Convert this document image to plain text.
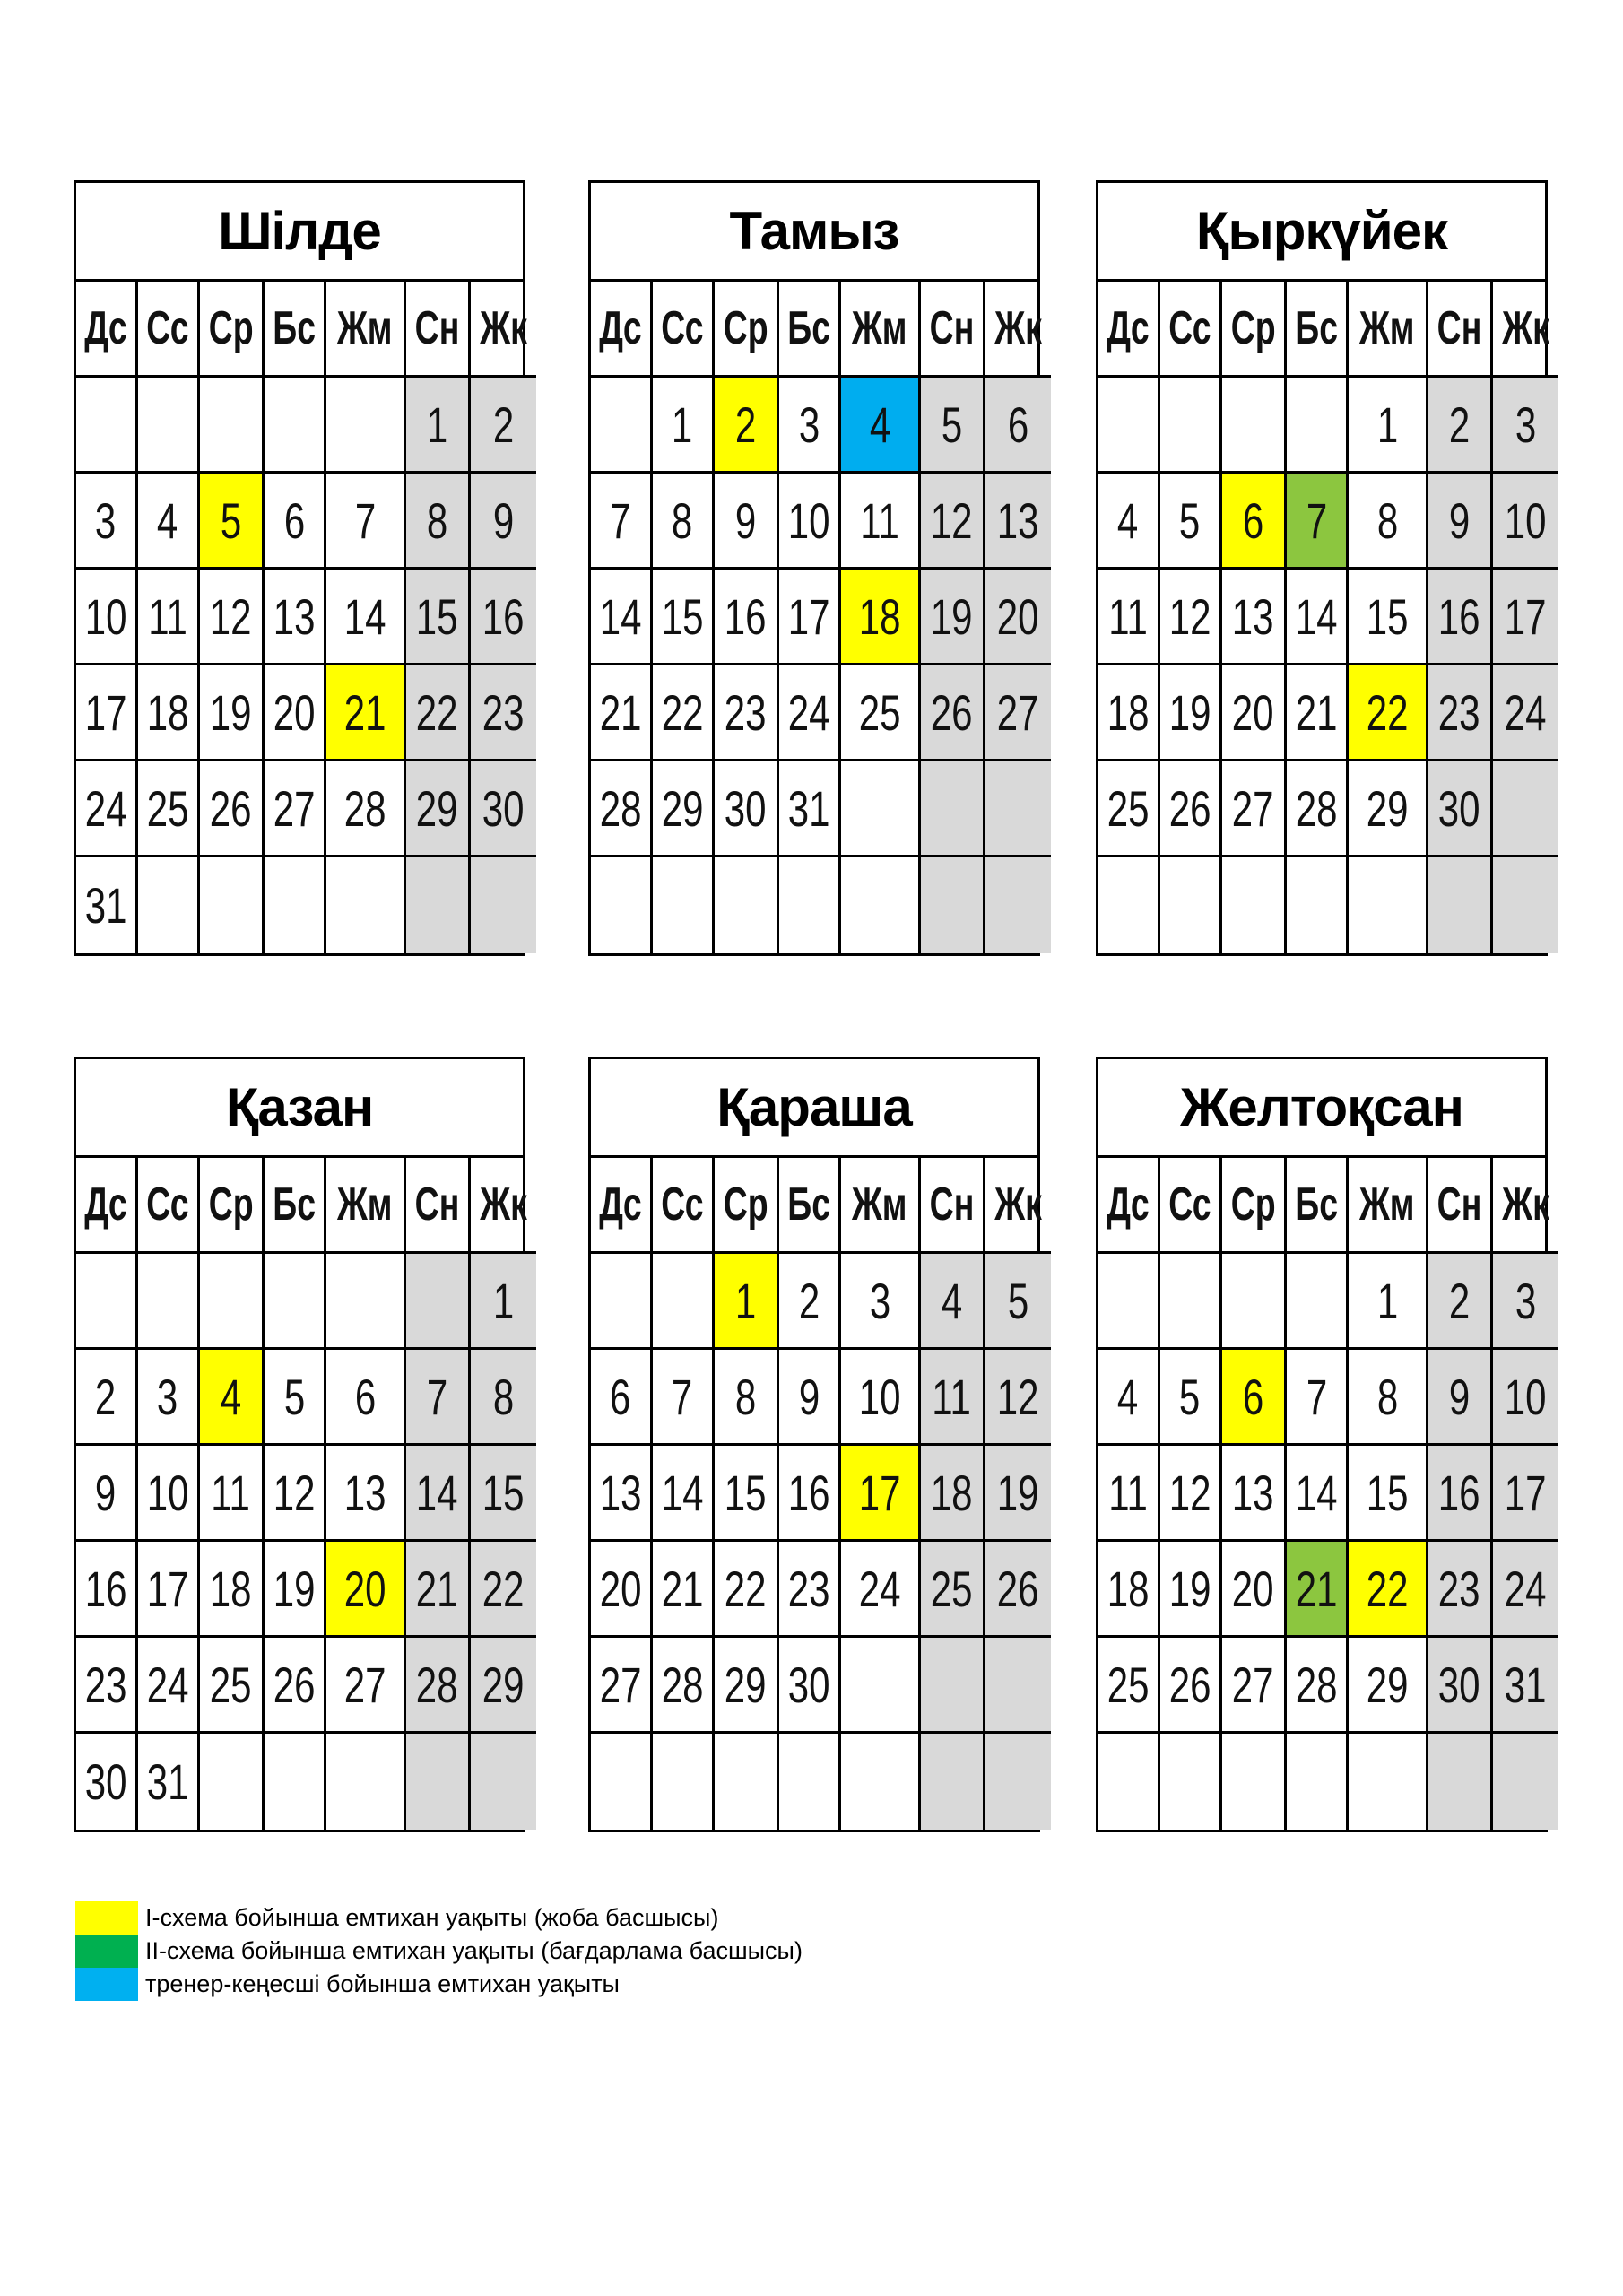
Шілде
Дс Сс Ср Бс Жм Сн Жк
1 2
3 4 5 6 7 8 9
10 11 12 13 14 15 16
17 18 19 20 21 22 23
24 25 26 27 28 29 30
31
Тамыз
Дс Сс Ср Бс Жм Сн Жк
1 2 3 4 5 6
7 8 9 10 11 12 13
14 15 16 17 18 19 20
21 22 23 24 25 26 27
28 29 30 31
Қыркүйек
Дс Сс Ср Бс Жм Сн Жк
1 2 3
4 5 6 7 8 9 10
11 12 13 14 15 16 17
18 19 20 21 22 23 24
25 26 27 28 29 30
Қазан
Дс Сс Ср Бс Жм Сн Жк
1
2 3 4 5 6 7 8
9 10 11 12 13 14 15
16 17 18 19 20 21 22
23 24 25 26 27 28 29
30 31
Қараша
Дс Сс Ср Бс Жм Сн Жк
1 2 3 4 5
6 7 8 9 10 11 12
13 14 15 16 17 18 19
20 21 22 23 24 25 26
27 28 29 30
Желтоқсан
Дс Сс Ср Бс Жм Сн Жк
1 2 3
4 5 6 7 8 9 10
11 12 13 14 15 16 17
18 19 20 21 22 23 24
25 26 27 28 29 30 31
I-схема бойынша емтихан уақыты (жоба басшысы)
II-схема бойынша емтихан уақыты (бағдарлама басшысы)
тренер-кеңесші бойынша емтихан уақыты
